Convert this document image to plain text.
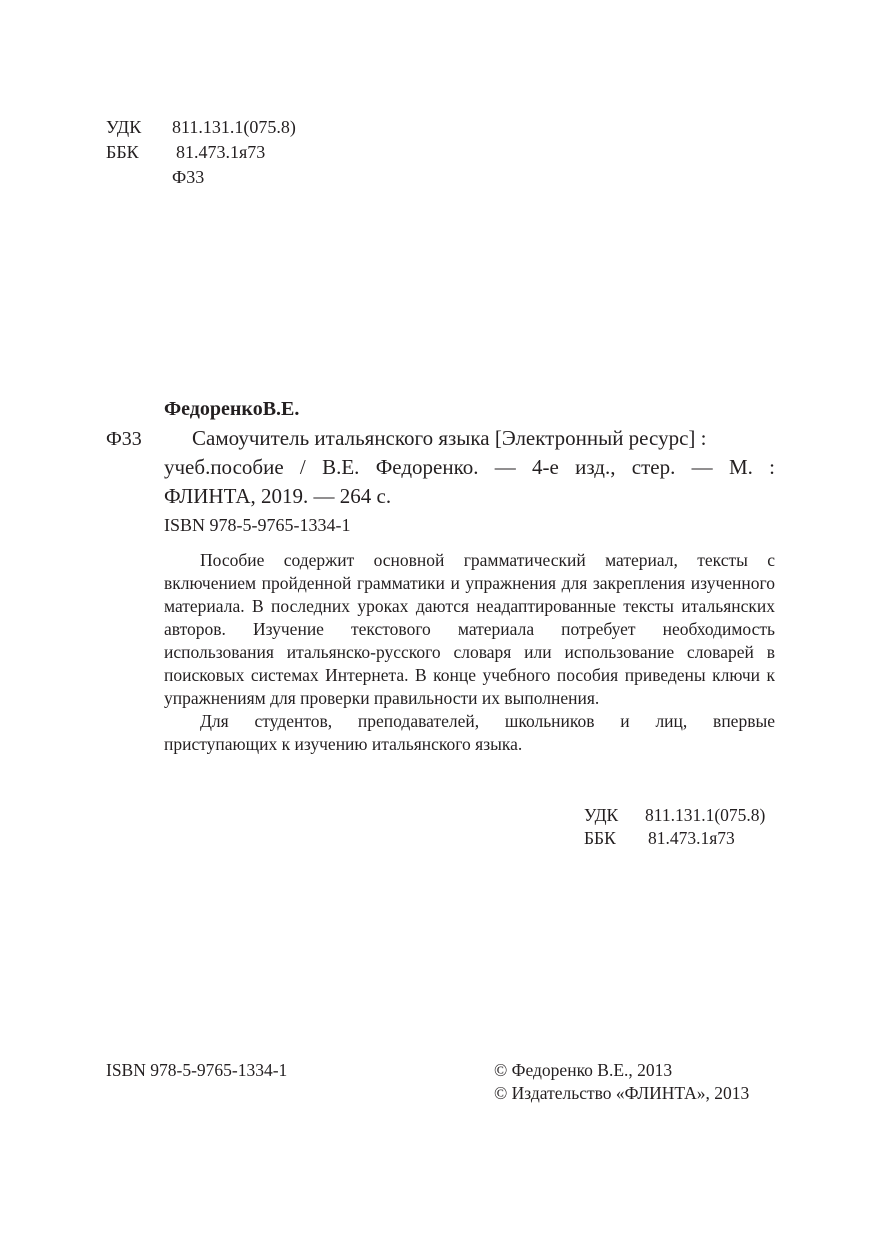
УДК 811.131.1(075.8)
ББК 81.473.1я73
Ф33
ФедоренкоВ.Е.
Ф33 Самоучитель итальянского языка [Электронный ресурс] :
учеб.пособие / В.Е. Федоренко. — 4-е изд., стер. — М. :
ФЛИНТА, 2019. — 264 с.
ISBN 978-5-9765-1334-1

Пособие содержит основной грамматический материал, тексты с включением пройденной грамматики и упражнения для закрепления изученного материала. В последних уроках даются неадаптированные тексты итальянских авторов. Изучение текстового материала потребует необходимость использования итальянско-русского словаря или использование словарей в поисковых системах Интернета. В конце учебного пособия приведены ключи к упражнениям для проверки правильности их выполнения.

Для студентов, преподавателей, школьников и лиц, впервые

приступающих к изучению итальянского языка.

УДК 811.131.1(075.8)
ББК 81.473.1я73
ISBN 978-5-9765-1334-1	© Федоренко В.Е., 2013
© Издательство «ФЛИНТА», 2013
